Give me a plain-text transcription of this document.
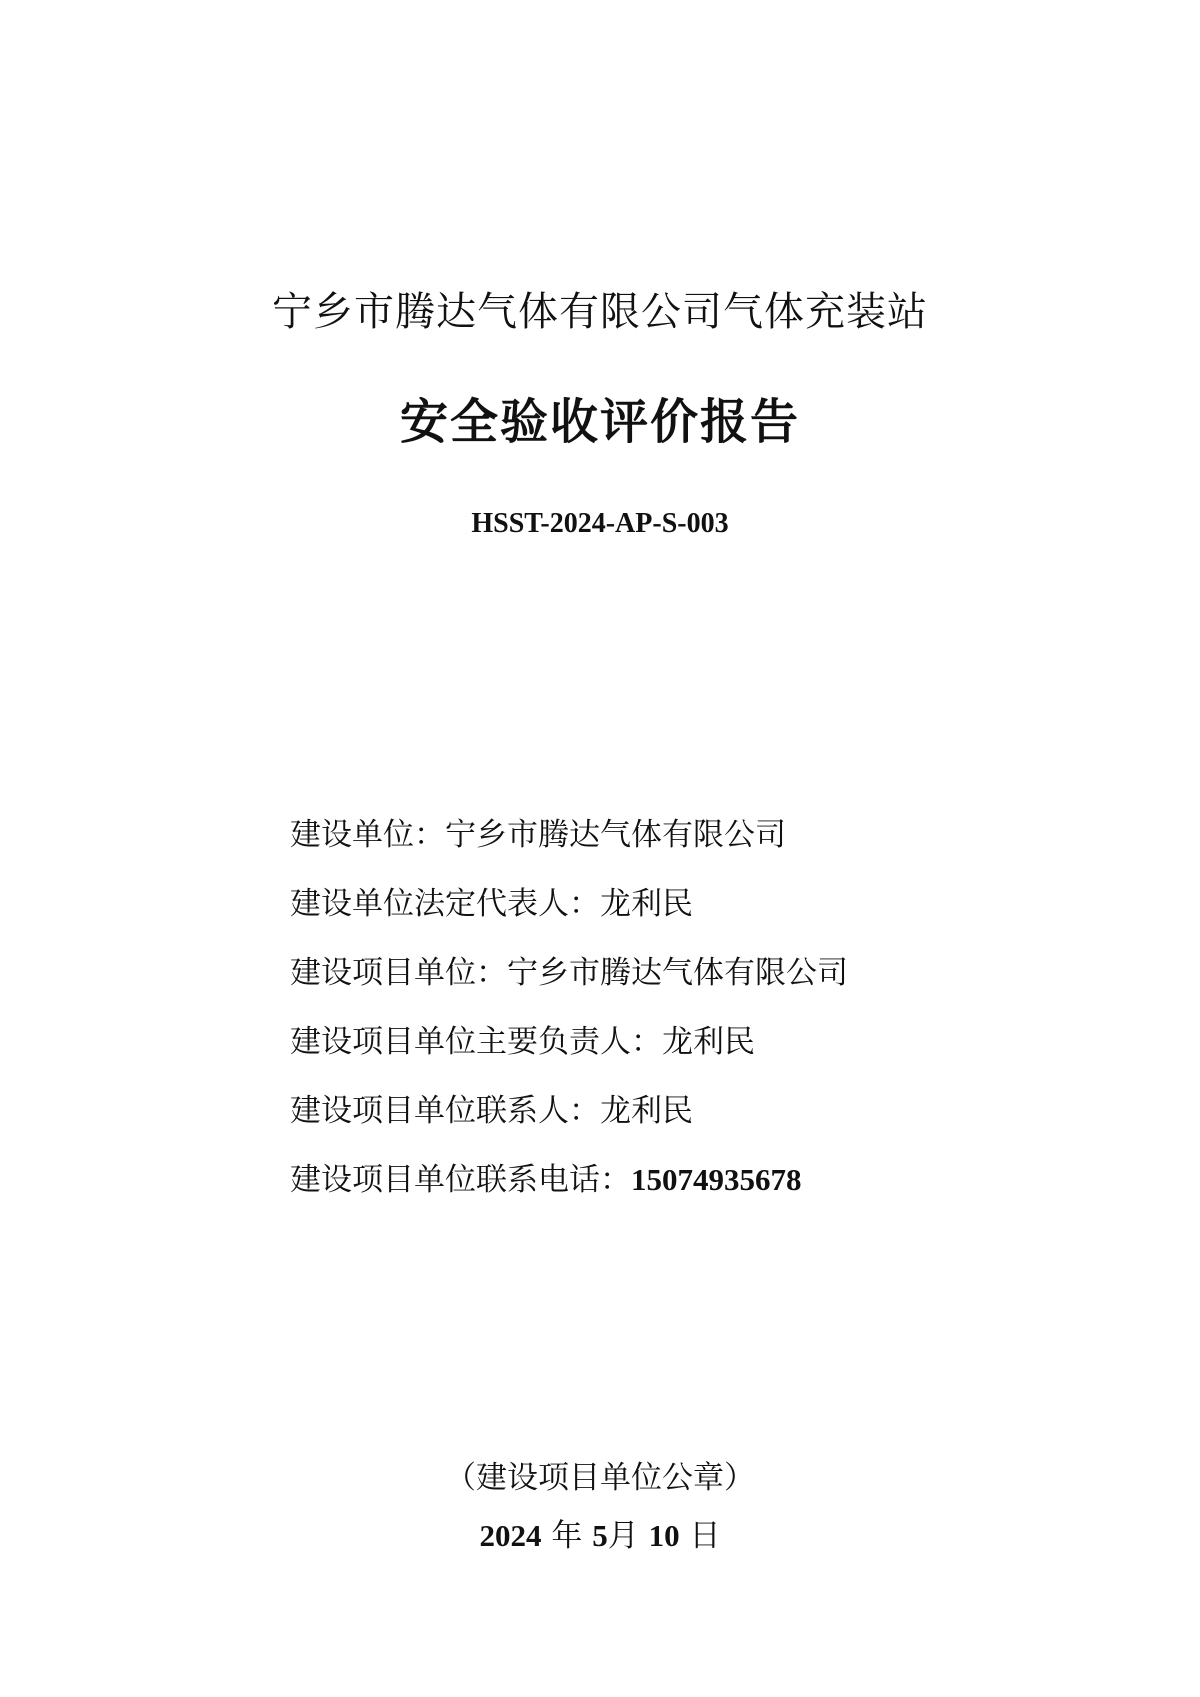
宁乡市腾达气体有限公司气体充装站
安全验收评价报告
HSST-2024-AP-S-003
建设单位：宁乡市腾达气体有限公司
建设单位法定代表人：龙利民
建设项目单位：宁乡市腾达气体有限公司
建设项目单位主要负责人：龙利民
建设项目单位联系人：龙利民
建设项目单位联系电话：15074935678
（建设项目单位公章）
2024 年 5月 10 日
